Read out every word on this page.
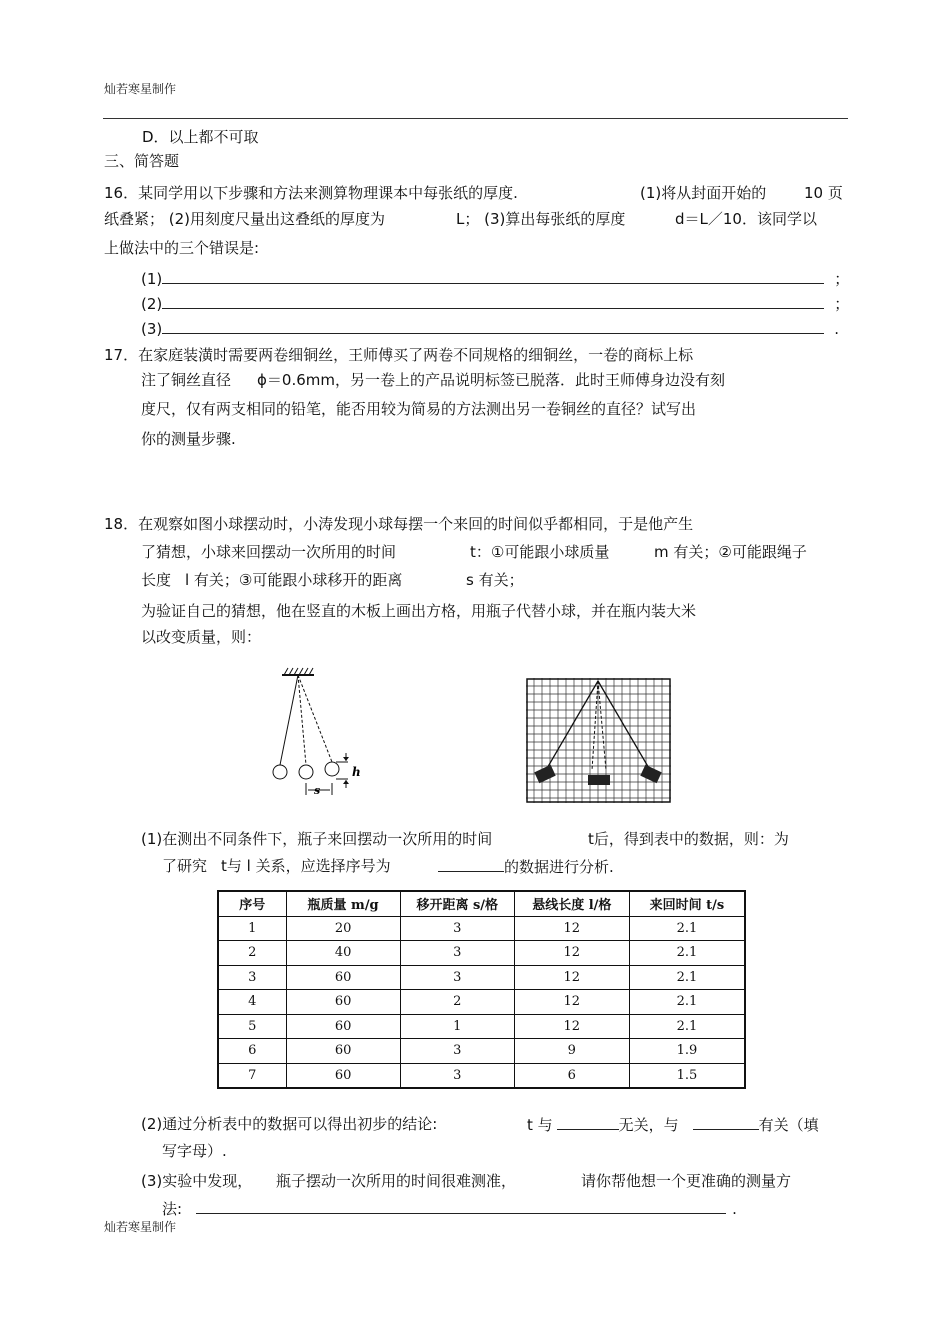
灿若寒星制作
D．以上都不可取
三、简答题
16．某同学用以下步骤和方法来测算物理课本中每张纸的厚度.	(1)将从封面开始的	10 页
纸叠紧； (2)用刻度尺量出这叠纸的厚度为	L； (3)算出每张纸的厚度	d＝L／10．该同学以
上做法中的三个错误是:
(1)	；
(2)	；
(3)	.
17．在家庭装潢时需要两卷细铜丝，王师傅买了两卷不同规格的细铜丝，一卷的商标上标
注了铜丝直径 ϕ＝0.6mm，另一卷上的产品说明标签已脱落．此时王师傅身边没有刻
度尺，仅有两支相同的铅笔，能否用较为简易的方法测出另一卷铜丝的直径？试写出
你的测量步骤.
18．在观察如图小球摆动时，小涛发现小球每摆一个来回的时间似乎都相同，于是他产生
了猜想，小球来回摆动一次所用的时间	t：①可能跟小球质量	m 有关；②可能跟绳子
长度 l 有关；③可能跟小球移开的距离	s 有关；
为验证自己的猜想，他在竖直的木板上画出方格，用瓶子代替小球，并在瓶内装大米
以改变质量，则：
h
s
(1)在测出不同条件下，瓶子来回摆动一次所用的时间	t后，得到表中的数据，则：为
了研究 t与 l 关系，应选择序号为	的数据进行分析.
序号	瓶质量 m/g	移开距离 s/格	悬线长度 l/格	来回时间 t/s
1	20	3	12	2.1
2	40	3	12	2.1
3	60	3	12	2.1
4	60	2	12	2.1
5	60	1	12	2.1
6	60	3	9	1.9
7	60	3	6	1.5
(2)通过分析表中的数据可以得出初步的结论:	t 与	无关，与	有关（填
写字母）.
(3)实验中发现， 瓶子摆动一次所用的时间很难测准，	请你帮他想一个更准确的测量方
法:	.
灿若寒星制作
